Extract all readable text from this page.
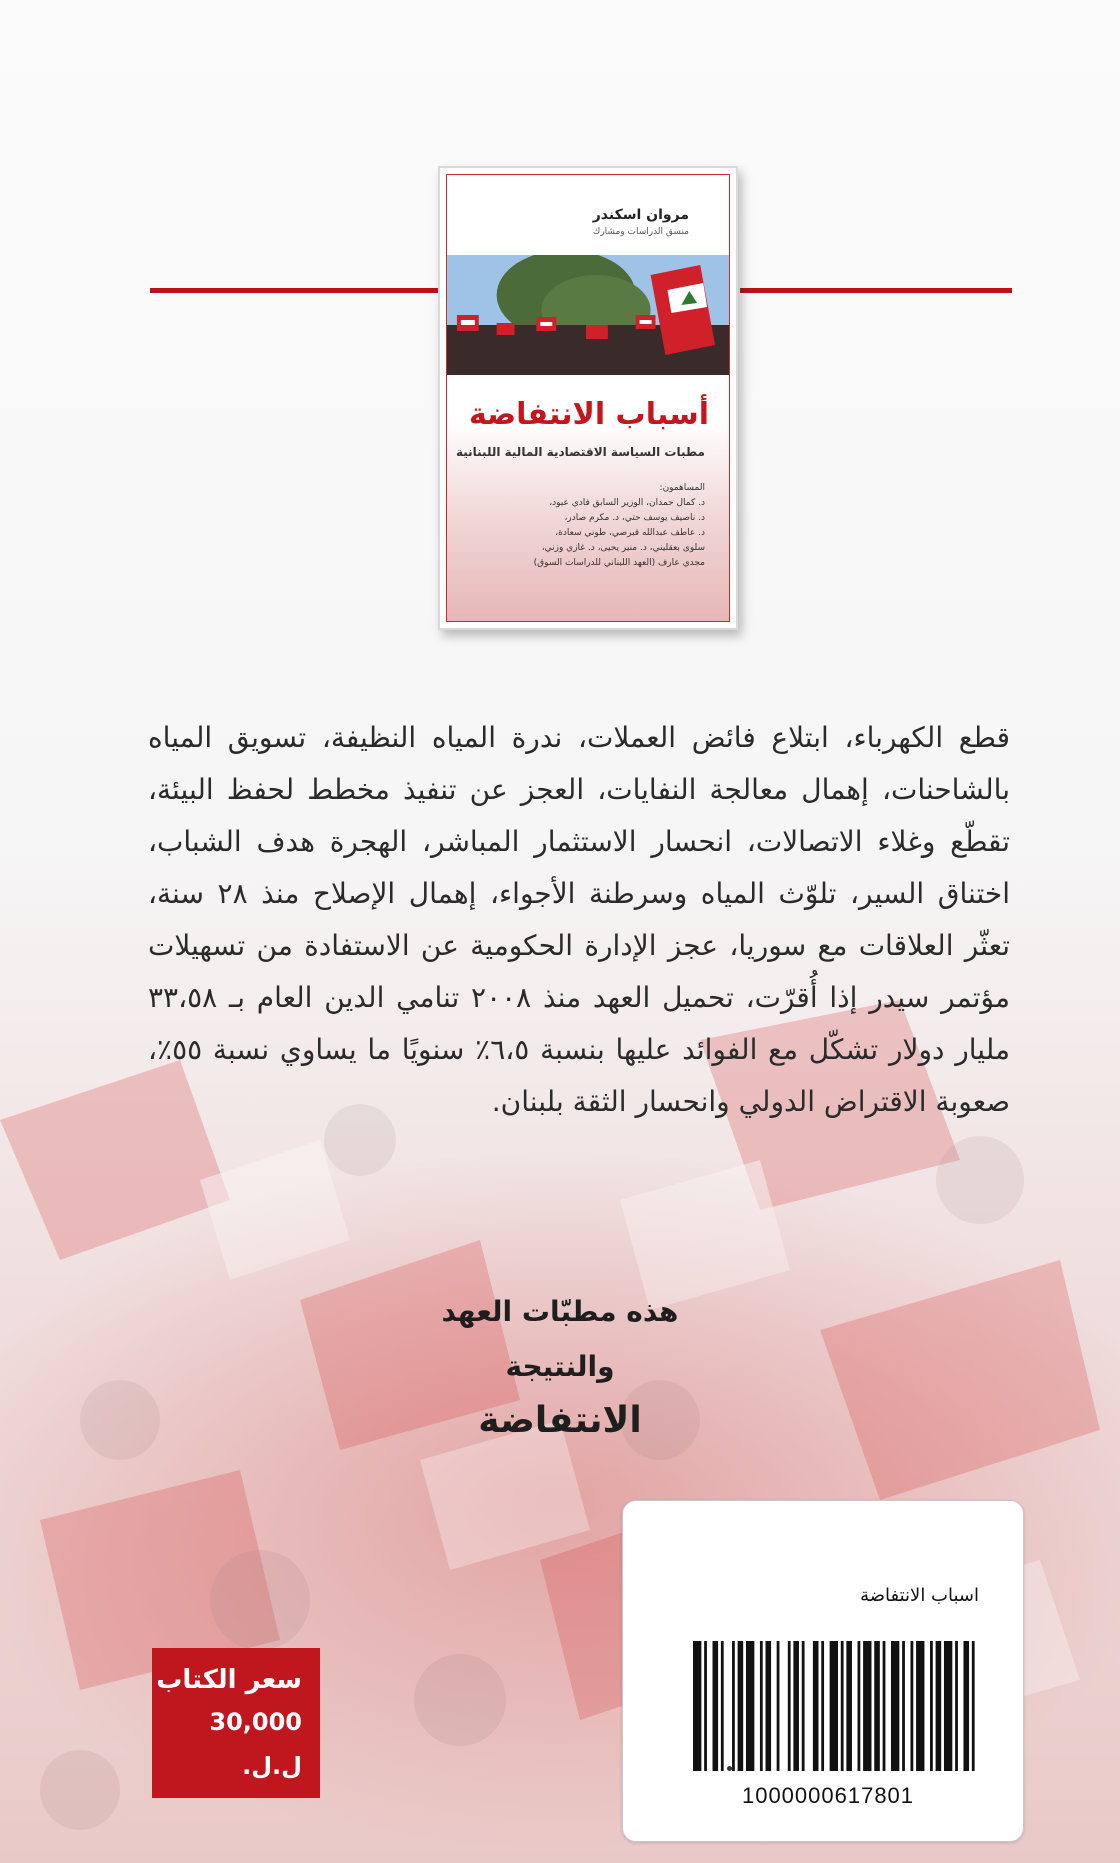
مروان اسكندر
منسق الدراسات ومشارك
أسباب الانتفاضة
مطبات السياسة الاقتصادية المالية اللبنانية
المساهمون:
د. كمال حمدان، الوزير السابق فادي عبود،
د. ناصيف يوسف حتي، د. مكرم صادر،
د. عاطف عبدالله قبرصي، طوني سعادة،
سلوى بعقليني، د. منير يحيى، د. غازي وزني،
مجدي عارف (العهد اللبناني للدراسات السوق)
قطع الكهرباء، ابتلاع فائض العملات، ندرة المياه النظيفة، تسويق المياه بالشاحنات، إهمال معالجة النفايات، العجز عن تنفيذ مخطط لحفظ البيئة، تقطّع وغلاء الاتصالات، انحسار الاستثمار المباشر، الهجرة هدف الشباب، اختناق السير، تلوّث المياه وسرطنة الأجواء، إهمال الإصلاح منذ ٢٨ سنة، تعثّر العلاقات مع سوريا، عجز الإدارة الحكومية عن الاستفادة من تسهيلات مؤتمر سيدر إذا أُقرّت، تحميل العهد منذ ٢٠٠٨ تنامي الدين العام بـ ٣٣،٥٨ مليار دولار تشكّل مع الفوائد عليها بنسبة ٦،٥٪ سنويًا ما يساوي نسبة ٥٥٪، صعوبة الاقتراض الدولي وانحسار الثقة بلبنان.
هذه مطبّات العهد
والنتيجة
الانتفاضة
سعر الكتاب
30,000 ل.ل.
اسباب الانتفاضة
1000000617801
